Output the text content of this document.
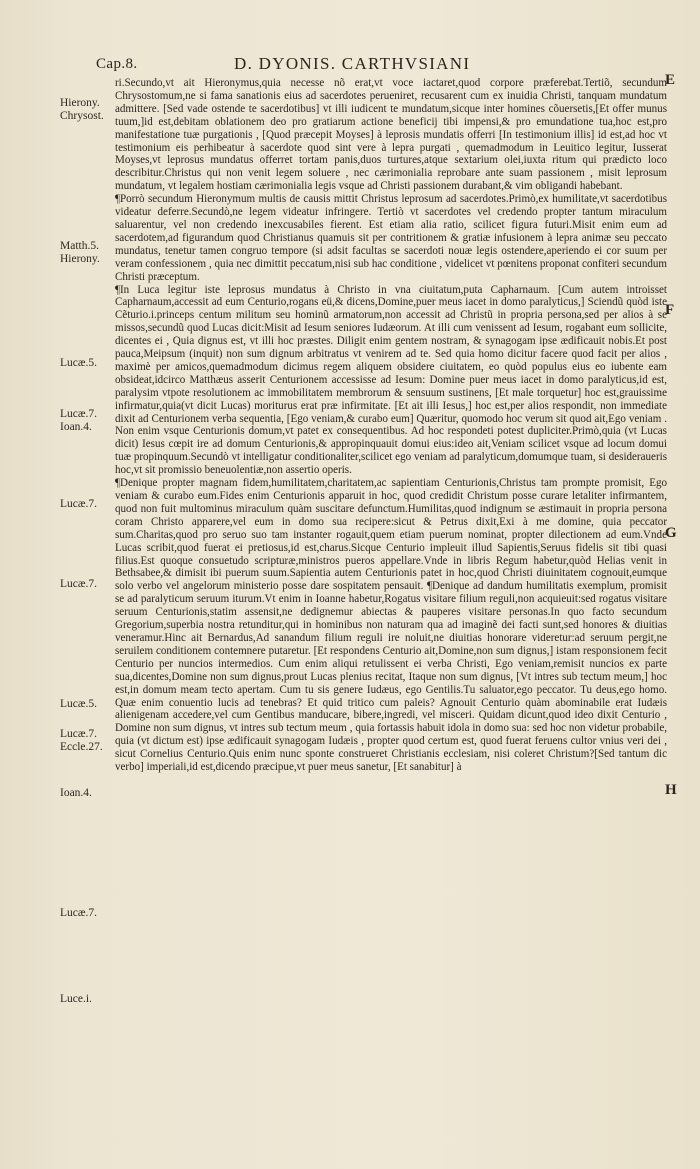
Cap.8.	D. DYONIS. CARTHVSIANI
Hierony.
Chrysost.
Matth.5.
Hierony.
Lucæ.5.
Lucæ.7.
Ioan.4.
Lucæ.7.
Lucæ.7.
Lucæ.5.
Lucæ.7.
Eccle.27.
Ioan.4.
Lucæ.7.
Luce.i.
E
F
G
H

ri.Secundo,vt ait Hieronymus,quia necesse nõ erat,vt voce iactaret,quod corpore præferebat.Tertiõ, secundum Chrysostomum,ne si fama sanationis eius ad sacerdotes perueniret, recusarent cum ex inuidia Christi, tanquam mundatum admittere. [Sed vade ostende te sacerdotibus] vt illi iudicent te mundatum,sicque inter homines cõuersetis,[Et offer munus tuum,]id est,debitam oblationem deo pro gratiarum actione beneficij tibi impensi,& pro emundatione tua,hoc est,pro manifestatione tuæ purgationis , [Quod præcepit Moyses] à leprosis mundatis offerri [In testimonium illis] id est,ad hoc vt testimonium eis perhibeatur à sacerdote quod sint vere à lepra purgati , quemadmodum in Leuitico legitur, Iusserat Moyses,vt leprosus mundatus offerret tortam panis,duos turtures,atque sextarium olei,iuxta ritum qui prædicto loco describitur.Christus qui non venit legem soluere , nec cærimonialia reprobare ante suam passionem , misit leprosum mundatum, vt legalem hostiam cærimonialia legis vsque ad Christi passionem durabant,& vim obligandi habebant.

¶Porrò secundum Hieronymum multis de causis mittit Christus leprosum ad sacerdotes.Primò,ex humilitate,vt sacerdotibus videatur deferre.Secundò,ne legem videatur infringere. Tertiò vt sacerdotes vel credendo propter tantum miraculum saluarentur, vel non credendo inexcusabiles fierent. Est etiam alia ratio, scilicet figura futuri.Misit enim eum ad sacerdotem,ad figurandum quod Christianus quamuis sit per contritionem & gratiæ infusionem à lepra animæ seu peccato mundatus, tenetur tamen congruo tempore (si adsit facultas se sacerdoti nouæ legis ostendere,aperiendo ei cor suum per veram confessionem , quia nec dimittit peccatum,nisi sub hac conditione , videlicet vt pœnitens proponat confiteri secundum Christi præceptum.

¶In Luca legitur iste leprosus mundatus à Christo in vna ciuitatum,puta Capharnaum. [Cum autem introisset Capharnaum,accessit ad eum Centurio,rogans eü,& dicens,Domine,puer meus iacet in domo paralyticus,] Sciendũ quòd iste Cẽturio.i.princeps centum militum seu hominũ armatorum,non accessit ad Christũ in propria persona,sed per alios à se missos,secundũ quod Lucas dicit:Misit ad Iesum seniores Iudæorum. At illi cum venissent ad Iesum, rogabant eum sollicite, dicentes ei , Quia dignus est, vt illi hoc præstes. Diligit enim gentem nostram, & synagogam ipse ædificauit nobis.Et post pauca,Meipsum (inquit) non sum dignum arbitratus vt venirem ad te. Sed quia homo dicitur facere quod facit per alios , maximè per amicos,quemadmodum dicimus regem aliquem obsidere ciuitatem, eo quòd populus eius eo iubente eam obsideat,idcirco Matthæus asserit Centurionem accessisse ad Iesum: Domine puer meus iacet in domo paralyticus,id est, paralysim vtpote resolutionem ac immobilitatem membrorum & sensuum sustinens, [Et male torquetur] hoc est,grauissime infirmatur,quia(vt dicit Lucas) moriturus erat præ infirmitate. [Et ait illi Iesus,] hoc est,per alios respondit, non immediate dixit ad Centurionem verba sequentia, [Ego veniam,& curabo eum] Quæritur, quomodo hoc verum sit quod ait,Ego veniam . Non enim vsque Centurionis domum,vt patet ex consequentibus. Ad hoc respondeti potest dupliciter.Primò,quia (vt Lucas dicit) Iesus cœpit ire ad domum Centurionis,& appropinquauit domui eius:ideo ait,Veniam scilicet vsque ad locum domui tuæ propinquum.Secundò vt intelligatur conditionaliter,scilicet ego veniam ad paralyticum,domumque tuam, si desideraueris hoc,vt sit promissio beneuolentiæ,non assertio operis.

¶Denique propter magnam fidem,humilitatem,charitatem,ac sapientiam Centurionis,Christus tam prompte promisit, Ego veniam & curabo eum.Fides enim Centurionis apparuit in hoc, quod credidit Christum posse curare letaliter infirmantem, quod non fuit multominus miraculum quàm suscitare defunctum.Humilitas,quod indignum se æstimauit in propria persona coram Christo apparere,vel eum in domo sua recipere:sicut & Petrus dixit,Exi à me domine, quia peccator sum.Charitas,quod pro seruo suo tam instanter rogauit,quem etiam puerum nominat, propter dilectionem ad eum.Vnde Lucas scribit,quod fuerat ei pretiosus,id est,charus.Sicque Centurio impleuit illud Sapientis,Seruus fidelis sit tibi quasi filius.Est quoque consuetudo scripturæ,ministros pueros appellare.Vnde in libris Regum habetur,quòd Helias venit in Bethsabee,& dimisit ibi puerum suum.Sapientia autem Centurionis patet in hoc,quod Christi diuinitatem cognouit,eumque solo verbo vel angelorum ministerio posse dare sospitatem pensauit. ¶Denique ad dandum humilitatis exemplum, promisit se ad paralyticum seruum iturum.Vt enim in Ioanne habetur,Rogatus visitare filium reguli,non acquieuit:sed rogatus visitare seruum Centurionis,statim assensit,ne dedignemur abiectas & pauperes visitare personas.In quo facto secundum Gregorium,superbia nostra retunditur,qui in hominibus non naturam qua ad imaginẽ dei facti sunt,sed honores & diuitias veneramur.Hinc ait Bernardus,Ad sanandum filium reguli ire noluit,ne diuitias honorare videretur:ad seruum pergit,ne seruilem conditionem contemnere putaretur. [Et respondens Centurio ait,Domine,non sum dignus,] istam responsionem fecit Centurio per nuncios intermedios. Cum enim aliqui retulissent ei verba Christi, Ego veniam,remisit nuncios ex parte sua,dicentes,Domine non sum dignus,prout Lucas plenius recitat, Itaque non sum dignus, [Vt intres sub tectum meum,] hoc est,in domum meam tecto apertam. Cum tu sis genere Iudæus, ego Gentilis.Tu saluator,ego peccator. Tu deus,ego homo. Quæ enim conuentio lucis ad tenebras? Et quid tritico cum paleis? Agnouit Centurio quàm abominabile erat Iudæis alienigenam accedere,vel cum Gentibus manducare, bibere,ingredi, vel misceri. Quidam dicunt,quod ideo dixit Centurio , Domine non sum dignus, vt intres sub tectum meum , quia fortassis habuit idola in domo sua: sed hoc non videtur probabile, quia (vt dictum est) ipse ædificauit synagogam Iudæis , propter quod certum est, quod fuerat feruens cultor vnius veri dei , sicut Cornelius Centurio.Quis enim nunc sponte construeret Christianis ecclesiam, nisi coleret Christum?[Sed tantum dic verbo] imperiali,id est,dicendo præcipue,vt puer meus sanetur, [Et sanabitur] à
